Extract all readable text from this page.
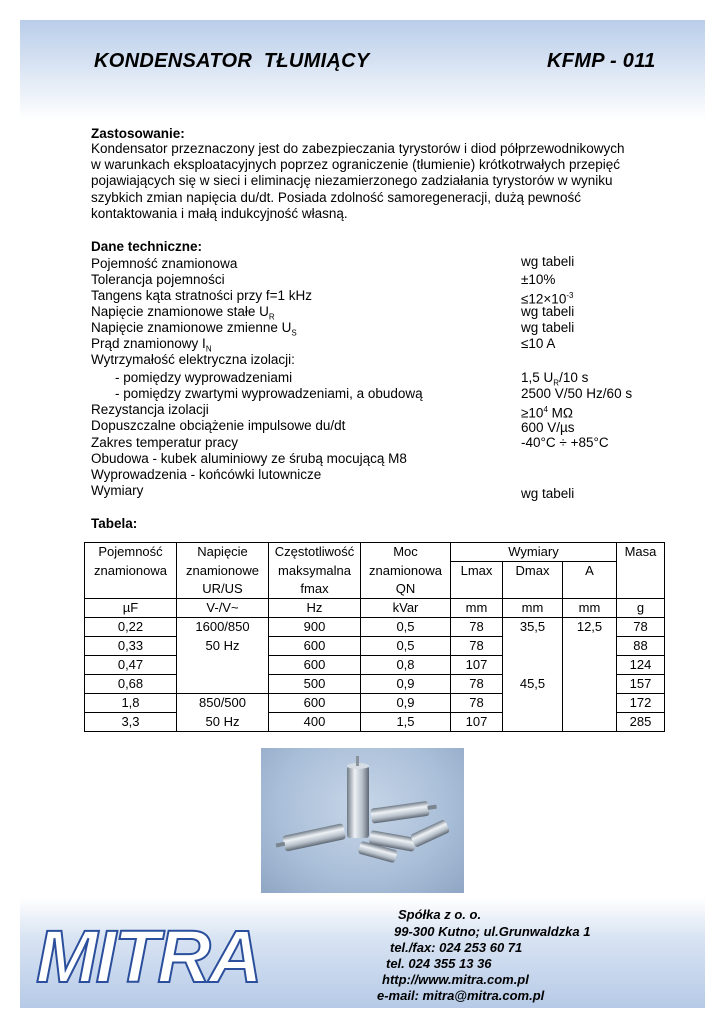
KONDENSATOR  TŁUMIĄCY	KFMP - 011
Zastosowanie:
Kondensator przeznaczony jest do zabezpieczania tyrystorów i diod półprzewodnikowych
w warunkach eksploatacyjnych poprzez ograniczenie (tłumienie) krótkotrwałych przepięć
pojawiających się w sieci i eliminację niezamierzonego zadziałania tyrystorów w wyniku
szybkich zmian napięcia du/dt. Posiada zdolność samoregeneracji, dużą pewność
kontaktowania i małą indukcyjność własną.
Dane techniczne:
Pojemność znamionowa	wg tabeli
Tolerancja pojemności	±10%
Tangens kąta stratności przy f=1 kHz	$\le 12\times 10^{-3}$
Napięcie znamionowe stałe $U_R$	wg tabeli
Napięcie znamionowe zmienne $U_S$	wg tabeli
Prąd znamionowy $I_N$	≤10 A
Wytrzymałość elektryczna izolacji:
- pomiędzy wyprowadzeniami	1,5 $U_R/10$ s
- pomiędzy zwartymi wyprowadzeniami, a obudową	2500 V/50 Hz/60 s
Rezystancja izolacji	$\ge 10^4$ MΩ
Dopuszczalne obciążenie impulsowe du/dt	600 V/µs
Zakres temperatur pracy	-40°C ÷ +85°C
Obudowa - kubek aluminiowy ze śrubą mocującą M8
Wyprowadzenia - końcówki lutownicze
Wymiary	wg tabeli
Tabela:
Pojemność	Napięcie	Częstotliwość	Moc	Wymiary			Masa
znamionowa	znamionowe	maksymalna	znamionowa	Lmax	Dmax	A	
	UR/US	fmax	QN				
µF	V-/V~	Hz	kVar	mm	mm	mm	g
0,22	1600/850	900	0,5	78	35,5	12,5	78
0,33	50 Hz	600	0,5	78			88
0,47		600	0,8	107			124
0,68		500	0,9	78	45,5		157
1,8	850/500	600	0,9	78			172
3,3	50 Hz	400	1,5	107			285
MITRA
Spółka z o. o.
99-300 Kutno; ul.Grunwaldzka 1
tel./fax: 024 253 60 71
tel. 024 355 13 36
http://www.mitra.com.pl
e-mail: mitra@mitra.com.pl
